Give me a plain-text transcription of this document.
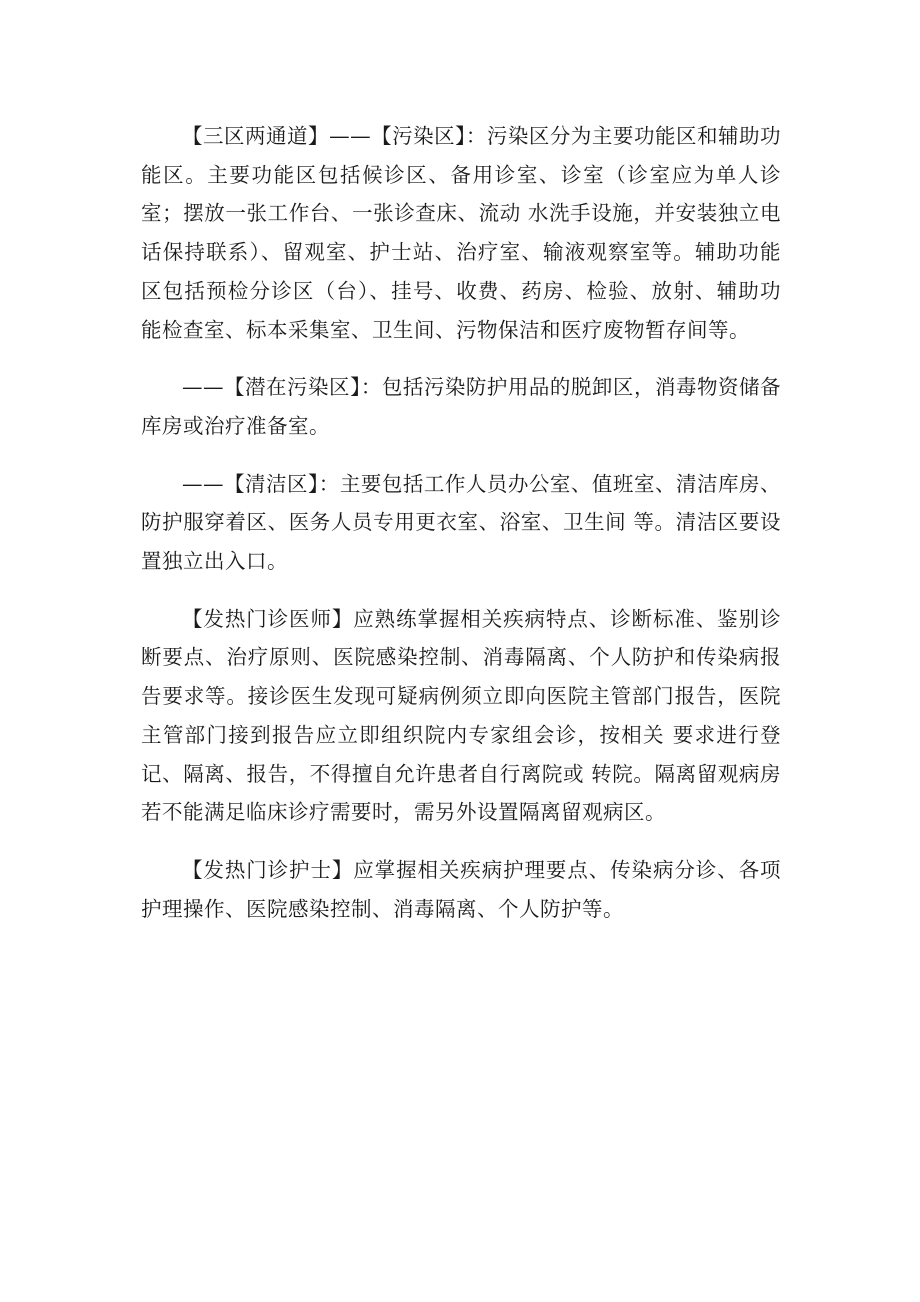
【三区两通道】——【污染区】：污染区分为主要功能区和辅助功能区。主要功能区包括候诊区、备用诊室、诊室（诊室应为单人诊室；摆放一张工作台、一张诊查床、流动 水洗手设施，并安装独立电话保持联系）、留观室、护士站、治疗室、输液观察室等。辅助功能区包括预检分诊区（台）、挂号、收费、药房、检验、放射、辅助功能检查室、标本采集室、卫生间、污物保洁和医疗废物暂存间等。

——【潜在污染区】：包括污染防护用品的脱卸区，消毒物资储备库房或治疗准备室。

——【清洁区】：主要包括工作人员办公室、值班室、清洁库房、防护服穿着区、医务人员专用更衣室、浴室、卫生间 等。清洁区要设置独立出入口。

【发热门诊医师】应熟练掌握相关疾病特点、诊断标准、鉴别诊断要点、治疗原则、医院感染控制、消毒隔离、个人防护和传染病报告要求等。接诊医生发现可疑病例须立即向医院主管部门报告，医院主管部门接到报告应立即组织院内专家组会诊，按相关 要求进行登记、隔离、报告，不得擅自允许患者自行离院或 转院。隔离留观病房若不能满足临床诊疗需要时，需另外设置隔离留观病区。

【发热门诊护士】应掌握相关疾病护理要点、传染病分诊、各项护理操作、医院感染控制、消毒隔离、个人防护等。
